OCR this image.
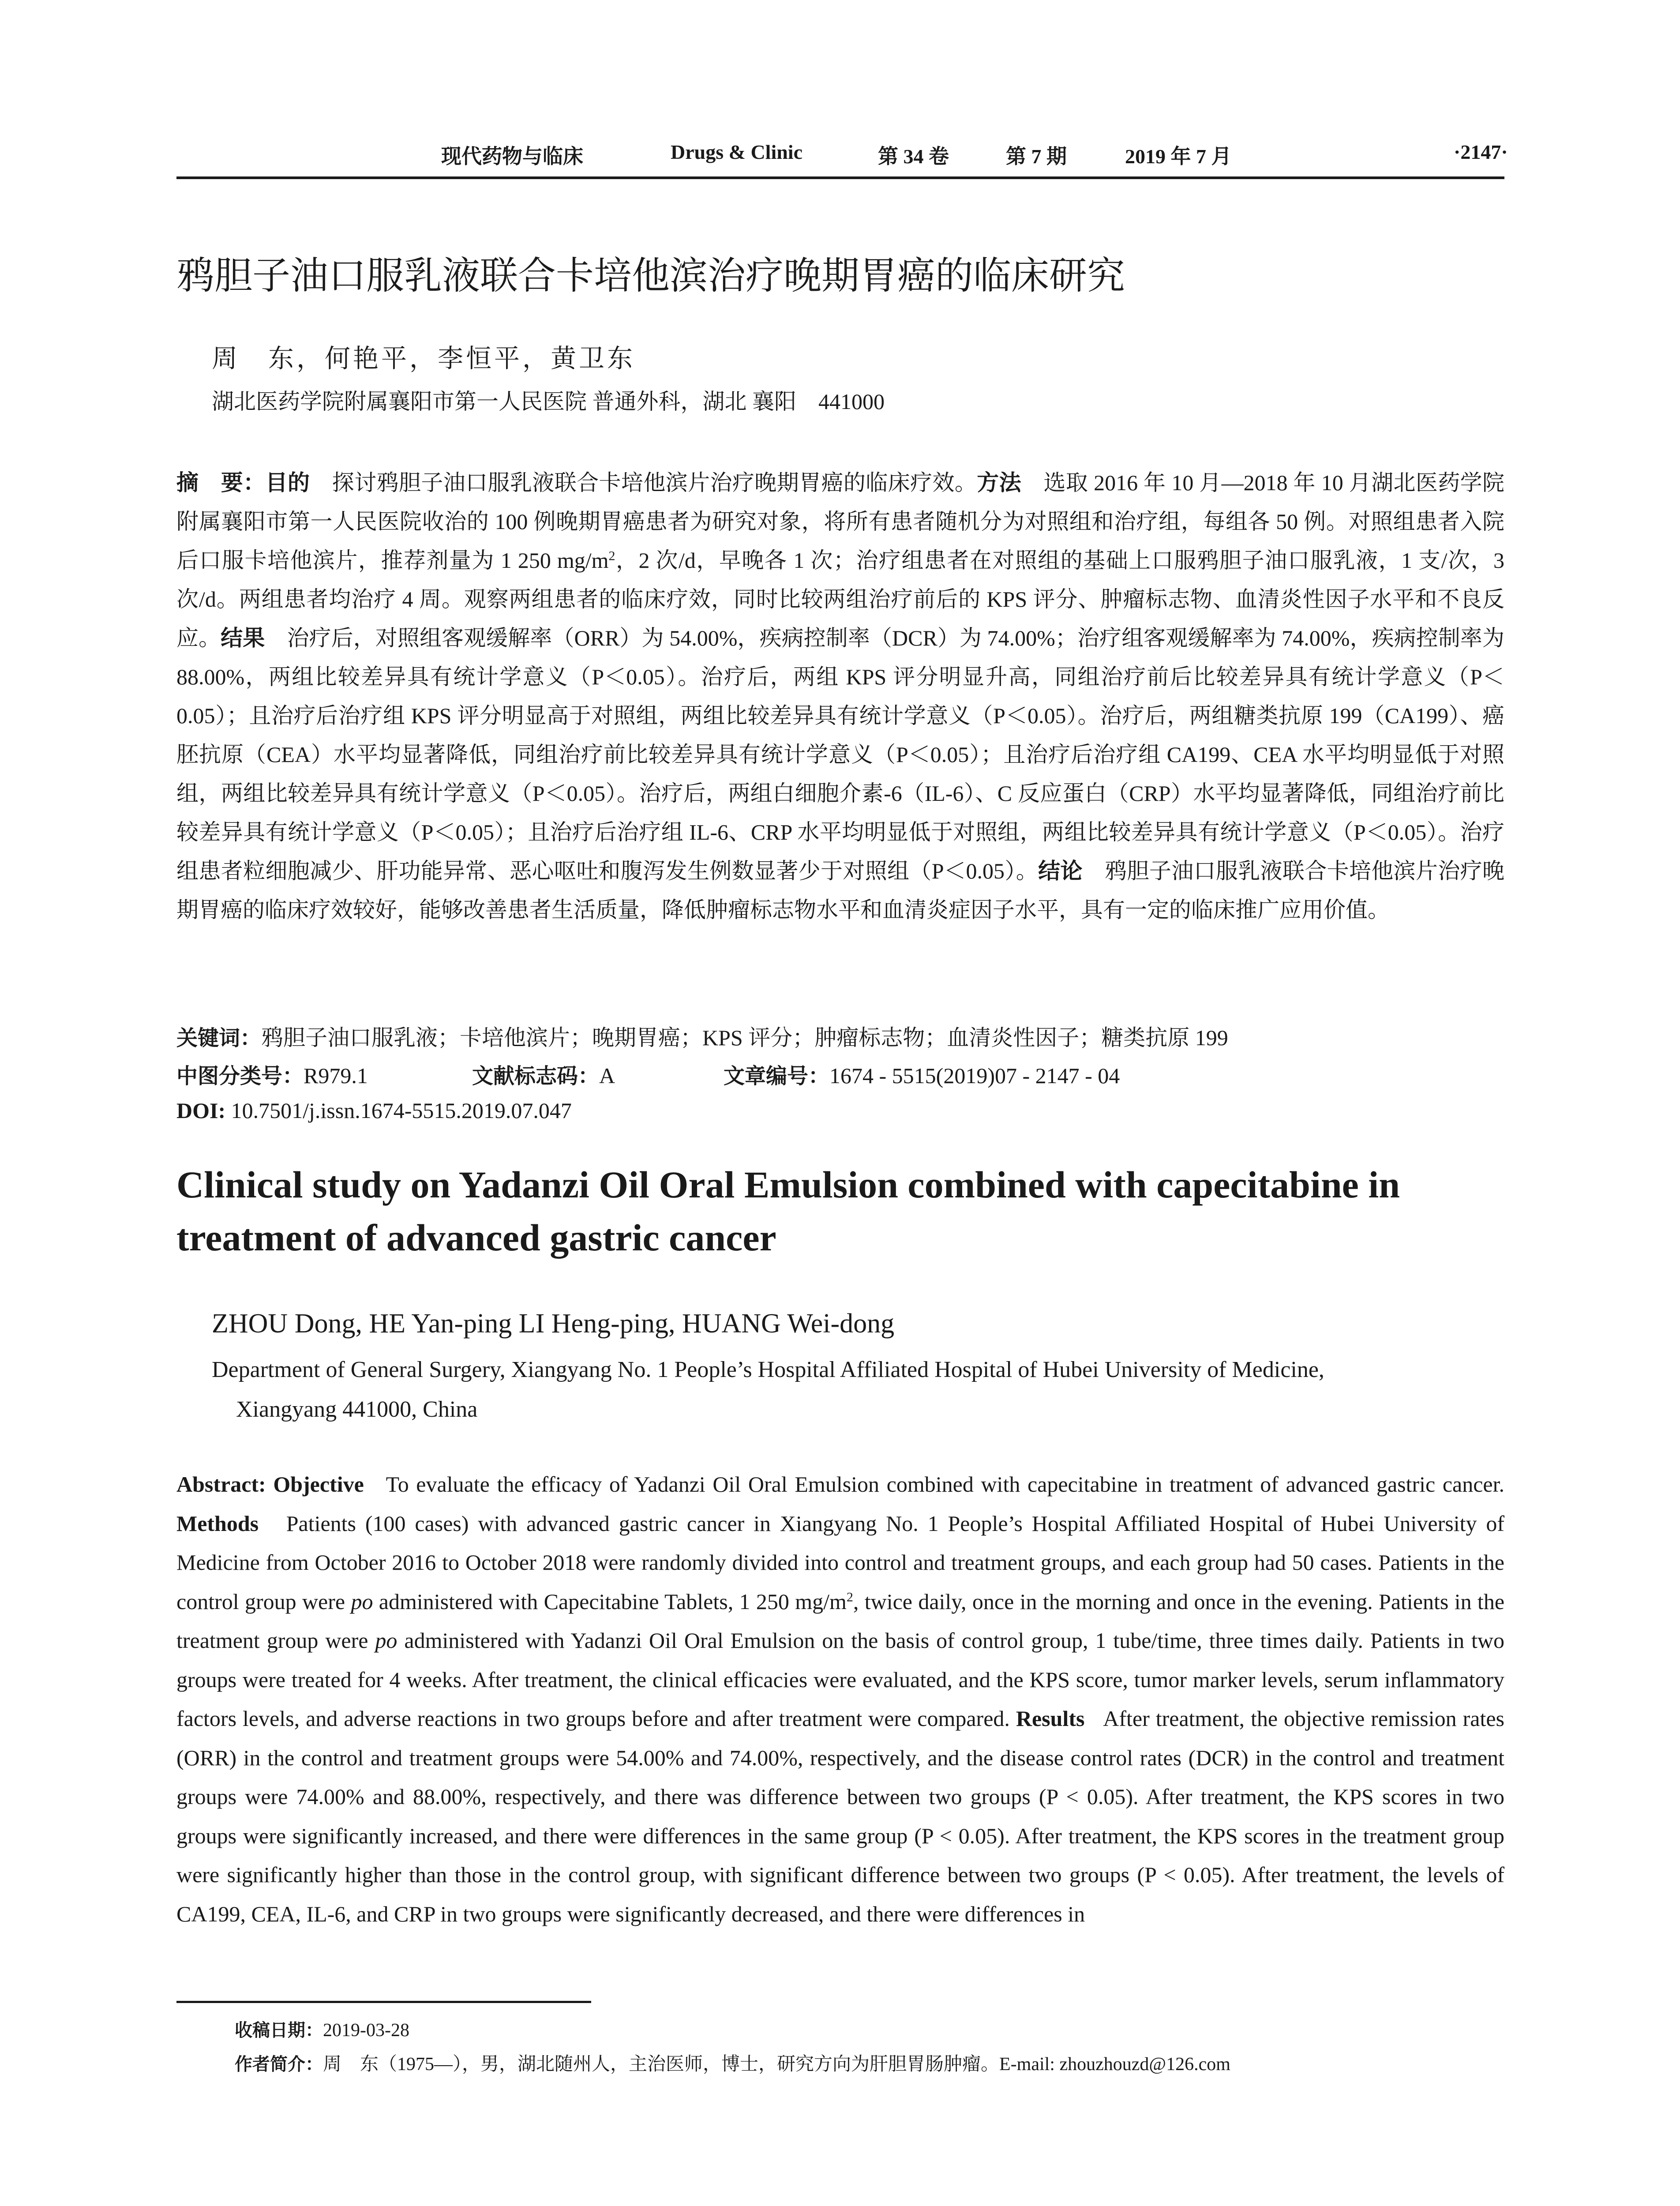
现代药物与临床	Drugs & Clinic	第 34 卷	第 7 期	2019 年 7 月	·2147·
鸦胆子油口服乳液联合卡培他滨治疗晚期胃癌的临床研究
周　东，何艳平，李恒平，黄卫东
湖北医药学院附属襄阳市第一人民医院 普通外科，湖北 襄阳　441000
摘　要：目的　 探讨鸦胆子油口服乳液联合卡培他滨片治疗晚期胃癌的临床疗效。方法　 选取 2016 年 10 月—2018 年 10 月湖北医药学院附属襄阳市第一人民医院收治的 100 例晚期胃癌患者为研究对象，将所有患者随机分为对照组和治疗组，每组各 50 例。对照组患者入院后口服卡培他滨片，推荐剂量为 1 250 $mg/m^2$，2 次/d，早晚各 1 次；治疗组患者在对照组的基础上口服鸦胆子油口服乳液，1 支/次，3 次/d。两组患者均治疗 4 周。观察两组患者的临床疗效，同时比较两组治疗前后的 KPS 评分、肿瘤标志物、血清炎性因子水平和不良反应。结果　 治疗后，对照组客观缓解率（ORR）为 54.00%，疾病控制率（DCR）为 74.00%；治疗组客观缓解率为 74.00%，疾病控制率为 88.00%，两组比较差异具有统计学意义（P＜0.05）。治疗后，两组 KPS 评分明显升高，同组治疗前后比较差异具有统计学意义（P＜0.05）；且治疗后治疗组 KPS 评分明显高于对照组，两组比较差异具有统计学意义（P＜0.05）。治疗后，两组糖类抗原 199（CA199）、癌胚抗原（CEA）水平均显著降低，同组治疗前比较差异具有统计学意义（P＜0.05）；且治疗后治疗组 CA199、CEA 水平均明显低于对照组，两组比较差异具有统计学意义（P＜0.05）。治疗后，两组白细胞介素-6（IL-6）、C 反应蛋白（CRP）水平均显著降低，同组治疗前比较差异具有统计学意义（P＜0.05）；且治疗后治疗组 IL-6、CRP 水平均明显低于对照组，两组比较差异具有统计学意义（P＜0.05）。治疗组患者粒细胞减少、肝功能异常、恶心呕吐和腹泻发生例数显著少于对照组（P＜0.05）。结论　 鸦胆子油口服乳液联合卡培他滨片治疗晚期胃癌的临床疗效较好，能够改善患者生活质量，降低肿瘤标志物水平和血清炎症因子水平，具有一定的临床推广应用价值。
关键词：鸦胆子油口服乳液；卡培他滨片；晚期胃癌；KPS 评分；肿瘤标志物；血清炎性因子；糖类抗原 199
中图分类号：R979.1	文献标志码：A	文章编号：1674 - 5515(2019)07 - 2147 - 04
DOI: 10.7501/j.issn.1674-5515.2019.07.047
Clinical study on Yadanzi Oil Oral Emulsion combined with capecitabine in treatment of advanced gastric cancer
ZHOU Dong, HE Yan-ping LI Heng-ping, HUANG Wei-dong
Department of General Surgery, Xiangyang No. 1 People’s Hospital Affiliated Hospital of Hubei University of Medicine,
Xiangyang 441000, China
Abstract: Objective To evaluate the efficacy of Yadanzi Oil Oral Emulsion combined with capecitabine in treatment of advanced gastric cancer. Methods Patients (100 cases) with advanced gastric cancer in Xiangyang No. 1 People’s Hospital Affiliated Hospital of Hubei University of Medicine from October 2016 to October 2018 were randomly divided into control and treatment groups, and each group had 50 cases. Patients in the control group were po administered with Capecitabine Tablets, 1 250 $mg/m^2$, twice daily, once in the morning and once in the evening. Patients in the treatment group were po administered with Yadanzi Oil Oral Emulsion on the basis of control group, 1 tube/time, three times daily. Patients in two groups were treated for 4 weeks. After treatment, the clinical efficacies were evaluated, and the KPS score, tumor marker levels, serum inflammatory factors levels, and adverse reactions in two groups before and after treatment were compared. Results After treatment, the objective remission rates (ORR) in the control and treatment groups were 54.00% and 74.00%, respectively, and the disease control rates (DCR) in the control and treatment groups were 74.00% and 88.00%, respectively, and there was difference between two groups (P < 0.05). After treatment, the KPS scores in two groups were significantly increased, and there were differences in the same group (P < 0.05). After treatment, the KPS scores in the treatment group were significantly higher than those in the control group, with significant difference between two groups (P < 0.05). After treatment, the levels of CA199, CEA, IL-6, and CRP in two groups were significantly decreased, and there were differences in
收稿日期：2019-03-28
作者简介：周　东（1975—），男，湖北随州人，主治医师，博士，研究方向为肝胆胃肠肿瘤。E-mail: zhouzhouzd@126.com
